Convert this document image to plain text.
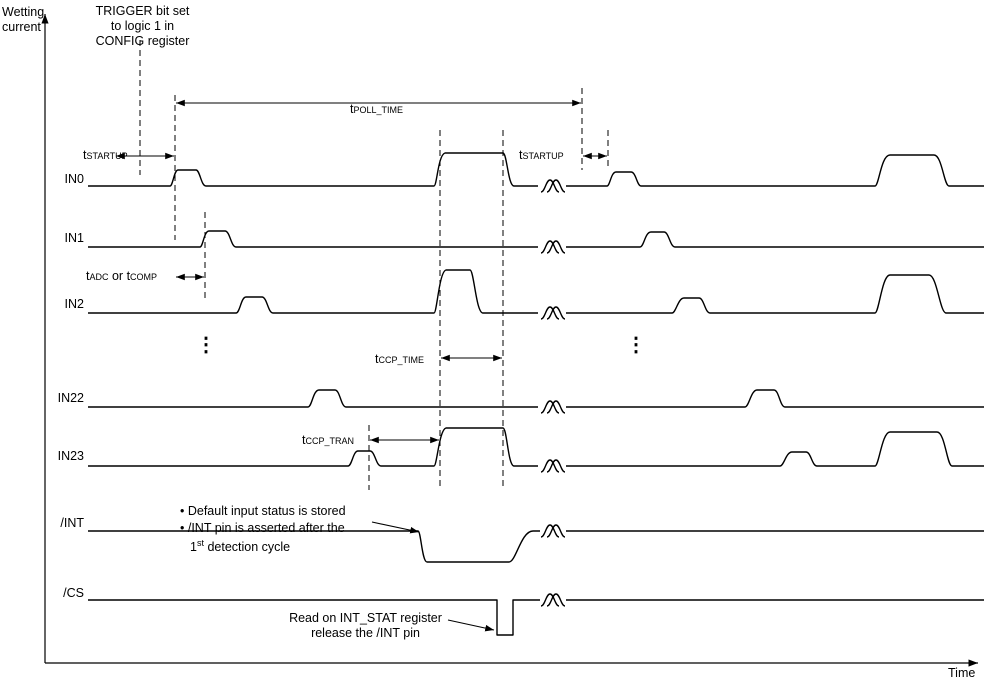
Wetting
current
Time
TRIGGER bit set
to logic 1 in
CONFIG register
tPOLL_TIME
tSTARTUP	tSTARTUP
tADC or tCOMP
tCCP_TIME
tCCP_TRAN
IN0
IN1
IN2
IN22
IN23
/INT
/CS
⋮	⋮
• Default input status is stored
• /INT pin is asserted after the
1st detection cycle
Read on INT_STAT register
release the /INT pin
